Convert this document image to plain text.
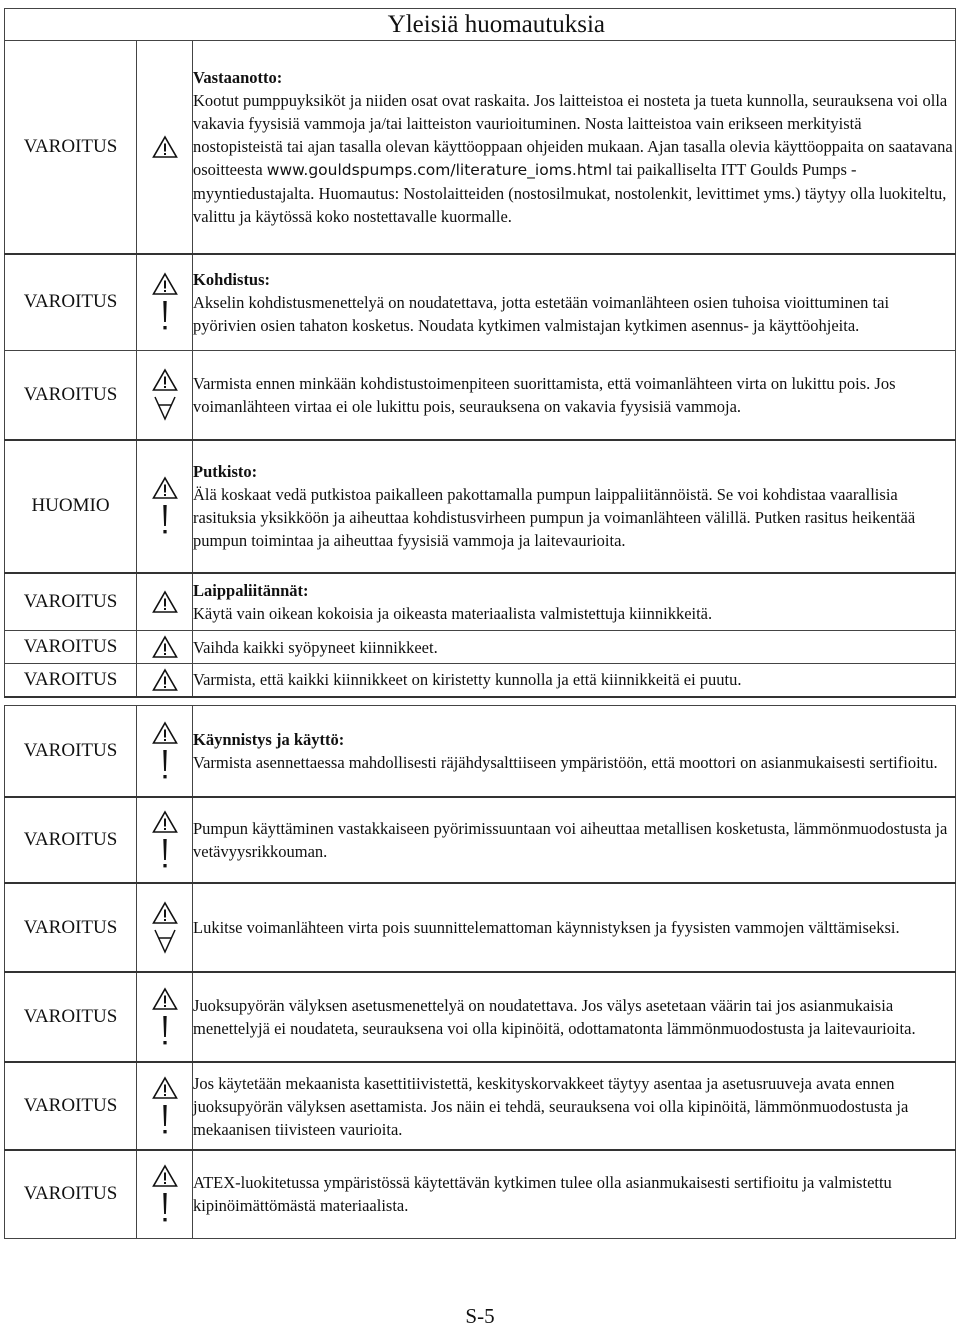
Yleisiä huomautuksia
VAROITUS		Vastaanotto:
Kootut pumppuyksiköt ja niiden osat ovat raskaita. Jos laitteistoa ei nosteta ja tueta kunnolla, seurauksena voi olla vakavia fyysisiä vammoja ja/tai laitteiston vaurioituminen. Nosta laitteistoa vain erikseen merkityistä nostopisteistä tai ajan tasalla olevan käyttöoppaan ohjeiden mukaan. Ajan tasalla olevia käyttöoppaita on saatavana osoitteesta www.gouldspumps.com/literature_ioms.html tai paikalliselta ITT Goulds Pumps -myyntiedustajalta. Huomautus: Nostolaitteiden (nostosilmukat, nostolenkit, levittimet yms.) täytyy olla luokiteltu, valittu ja käytössä koko nostettavalle kuormalle.

VAROITUS		Kohdistus:
Akselin kohdistusmenettelyä on noudatettava, jotta estetään voimanlähteen osien tuhoisa vioittuminen tai pyörivien osien tahaton kosketus. Noudata kytkimen valmistajan kytkimen asennus- ja käyttöohjeita.

VAROITUS		Varmista ennen minkään kohdistustoimenpiteen suorittamista, että voimanlähteen virta on lukittu pois. Jos voimanlähteen virtaa ei ole lukittu pois, seurauksena on vakavia fyysisiä vammoja.

HUOMIO		Putkisto:
Älä koskaat vedä putkistoa paikalleen pakottamalla pumpun laippaliitännöistä. Se voi kohdistaa vaarallisia rasituksia yksikköön ja aiheuttaa kohdistusvirheen pumpun ja voimanlähteen välillä. Putken rasitus heikentää pumpun toimintaa ja aiheuttaa fyysisiä vammoja ja laitevaurioita.

VAROITUS		Laippaliitännät:
Käytä vain oikean kokoisia ja oikeasta materiaalista valmistettuja kiinnikkeitä.

VAROITUS		Vaihda kaikki syöpyneet kiinnikkeet.

VAROITUS		Varmista, että kaikki kiinnikkeet on kiristetty kunnolla ja että kiinnikkeitä ei puutu.

VAROITUS		Käynnistys ja käyttö:
Varmista asennettaessa mahdollisesti räjähdysalttiiseen ympäristöön, että moottori on asianmukaisesti sertifioitu.

VAROITUS		Pumpun käyttäminen vastakkaiseen pyörimissuuntaan voi aiheuttaa metallisen kosketusta, lämmönmuodostusta ja vetävyysrikkouman.

VAROITUS		Lukitse voimanlähteen virta pois suunnittelemattoman käynnistyksen ja fyysisten vammojen välttämiseksi.

VAROITUS		Juoksupyörän välyksen asetusmenettelyä on noudatettava. Jos välys asetetaan väärin tai jos asianmukaisia menettelyjä ei noudateta, seurauksena voi olla kipinöitä, odottamatonta lämmönmuodostusta ja laitevaurioita.

VAROITUS		Jos käytetään mekaanista kasettitiivistettä, keskityskorvakkeet täytyy asentaa ja asetusruuveja avata ennen juoksupyörän välyksen asettamista. Jos näin ei tehdä, seurauksena voi olla kipinöitä, lämmönmuodostusta ja mekaanisen tiivisteen vaurioita.

VAROITUS		ATEX-luokitetussa ympäristössä käytettävän kytkimen tulee olla asianmukaisesti sertifioitu ja valmistettu kipinöimättömästä materiaalista.
S-5
